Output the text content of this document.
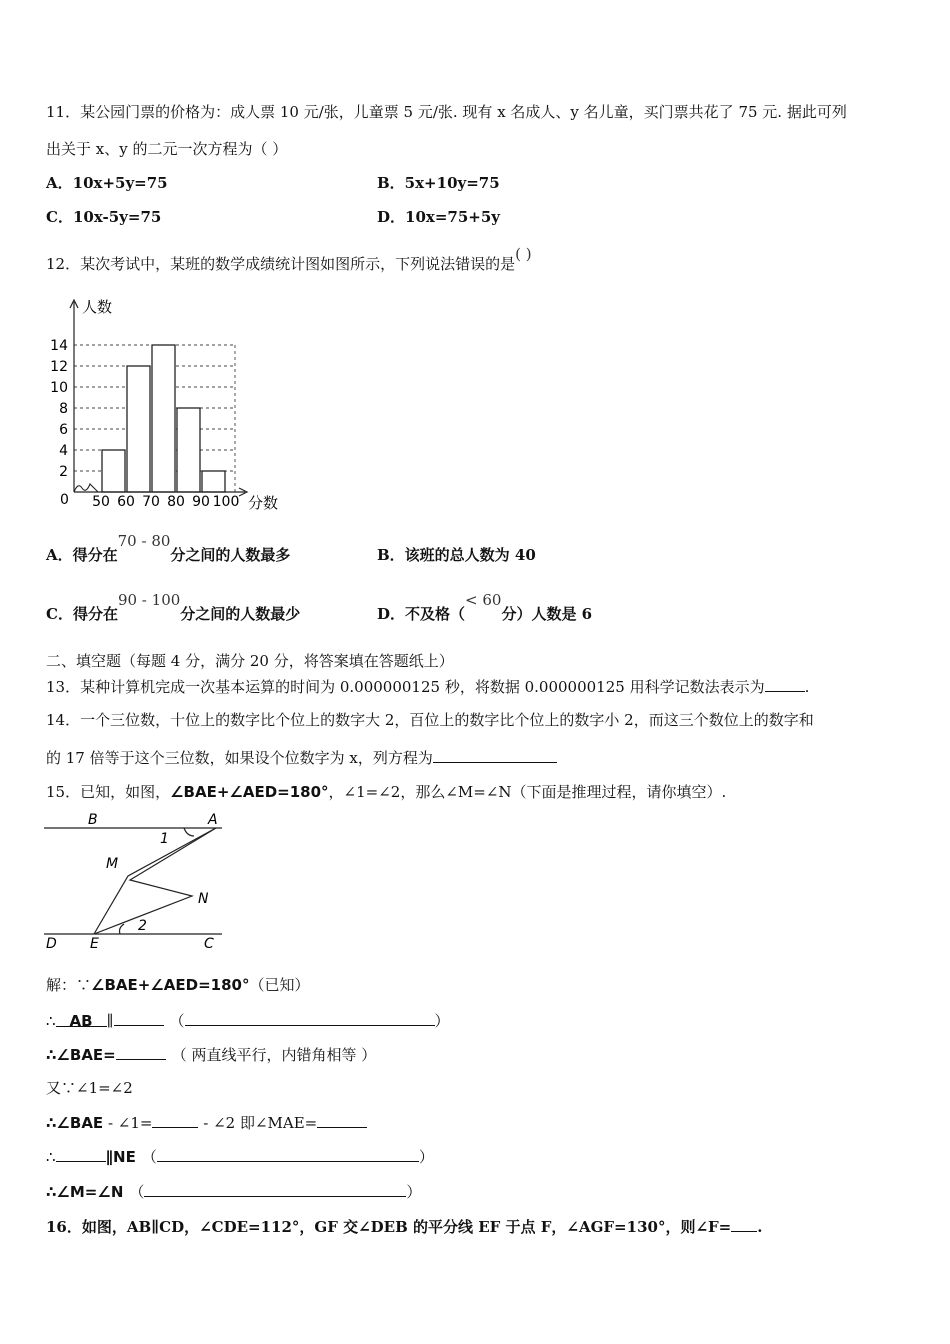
11．某公园门票的价格为：成人票 10 元/张，儿童票 5 元/张. 现有 x 名成人、y 名儿童，买门票共花了 75 元. 据此可列
出关于 x、y 的二元一次方程为（ ）
A．10x+5y=75	B．5x+10y=75
C．10x-5y=75	D．10x=75+5y
12．某次考试中，某班的数学成绩统计图如图所示，下列说法错误的是( )
2
4
6
8
10
12
14
50 60 70 80 90 100
人数
分数
0
A．得分在70 - 80分之间的人数最多	B．该班的总人数为 40
C．得分在90 - 100分之间的人数最少	D．不及格（< 60分）人数是 6
二、填空题（每题 4 分，满分 20 分，将答案填在答题纸上）
13．某种计算机完成一次基本运算的时间为 0.000000125 秒，将数据 0.000000125 用科学记数法表示为	.
14．一个三位数，十位上的数字比个位上的数字大 2，百位上的数字比个位上的数字小 2，而这三个数位上的数字和
的 17 倍等于这个三位数，如果设个位数字为 x，列方程为
15．已知，如图，∠BAE+∠AED=180°，∠1=∠2，那么∠M=∠N（下面是推理过程，请你填空）.
B	A
M
N
D E	C
1
2
解：∵∠BAE+∠AED=180°（已知）
∴ AB ∥	（	）
∴∠BAE=	（ 两直线平行，内错角相等 ）
又∵∠1=∠2
∴∠BAE - ∠1=	- ∠2 即∠MAE=
∴	∥NE （	）
∴∠M=∠N （	）
16．如图，AB∥CD，∠CDE=112°，GF 交∠DEB 的平分线 EF 于点 F，∠AGF=130°，则∠F= .
